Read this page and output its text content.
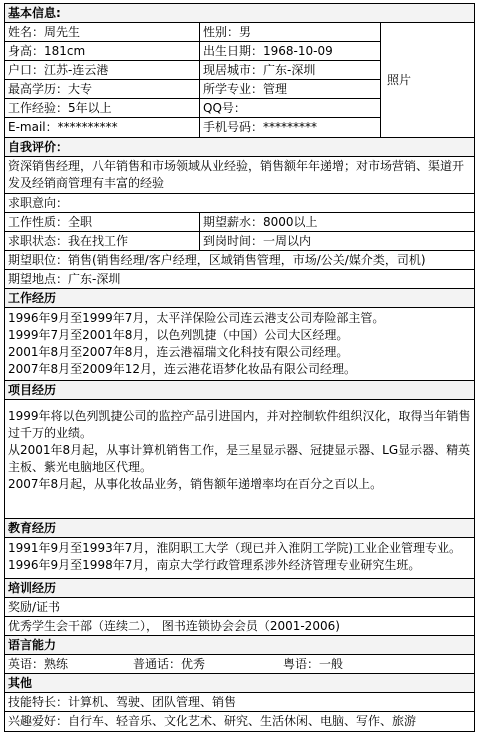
基本信息:
姓名：周先生	性别：男
身高：181cm	出生日期：1968-10-09
户口：江苏-连云港	现居城市：广东-深圳
最高学历：大专	所学专业：管理
工作经验：5年以上	QQ号：
E-mail：**********	手机号码：*********
照片
自我评价：
资深销售经理，八年销售和市场领域从业经验，销售额年年递增；对市场营销、渠道开发及经销商管理有丰富的经验
求职意向：
工作性质：全职	期望薪水：8000以上
求职状态：我在找工作	到岗时间：一周以内
期望职位：销售(销售经理/客户经理，区域销售管理，市场/公关/媒介类，司机)
期望地点：广东-深圳
工作经历

1996年9月至1999年7月，太平洋保险公司连云港支公司寿险部主管。

1999年7月至2001年8月，以色列凯捷（中国）公司大区经理。

2001年8月至2007年8月，连云港福瑞文化科技有限公司经理。

2007年8月至2009年12月，连云港花语梦化妆品有限公司经理。

项目经历

1999年将以色列凯捷公司的监控产品引进国内，并对控制软件组织汉化，取得当年销售过千万的业绩。

从2001年8月起，从事计算机销售工作，是三星显示器、冠捷显示器、LG显示器、精英主板、紫光电脑地区代理。

2007年8月起，从事化妆品业务，销售额年递增率均在百分之百以上。

教育经历

1991年9月至1993年7月，淮阴职工大学（现已并入淮阴工学院)工业企业管理专业。

1996年9月至1998年7月，南京大学行政管理系涉外经济管理专业研究生班。

培训经历
奖励/证书
优秀学生会干部（连续二）， 图书连锁协会会员（2001-2006)
语言能力
英语：熟练	普通话：优秀	粤语：一般
其他
技能特长：计算机、驾驶、团队管理、销售
兴趣爱好：自行车、轻音乐、文化艺术、研究、生活休闲、电脑、写作、旅游
